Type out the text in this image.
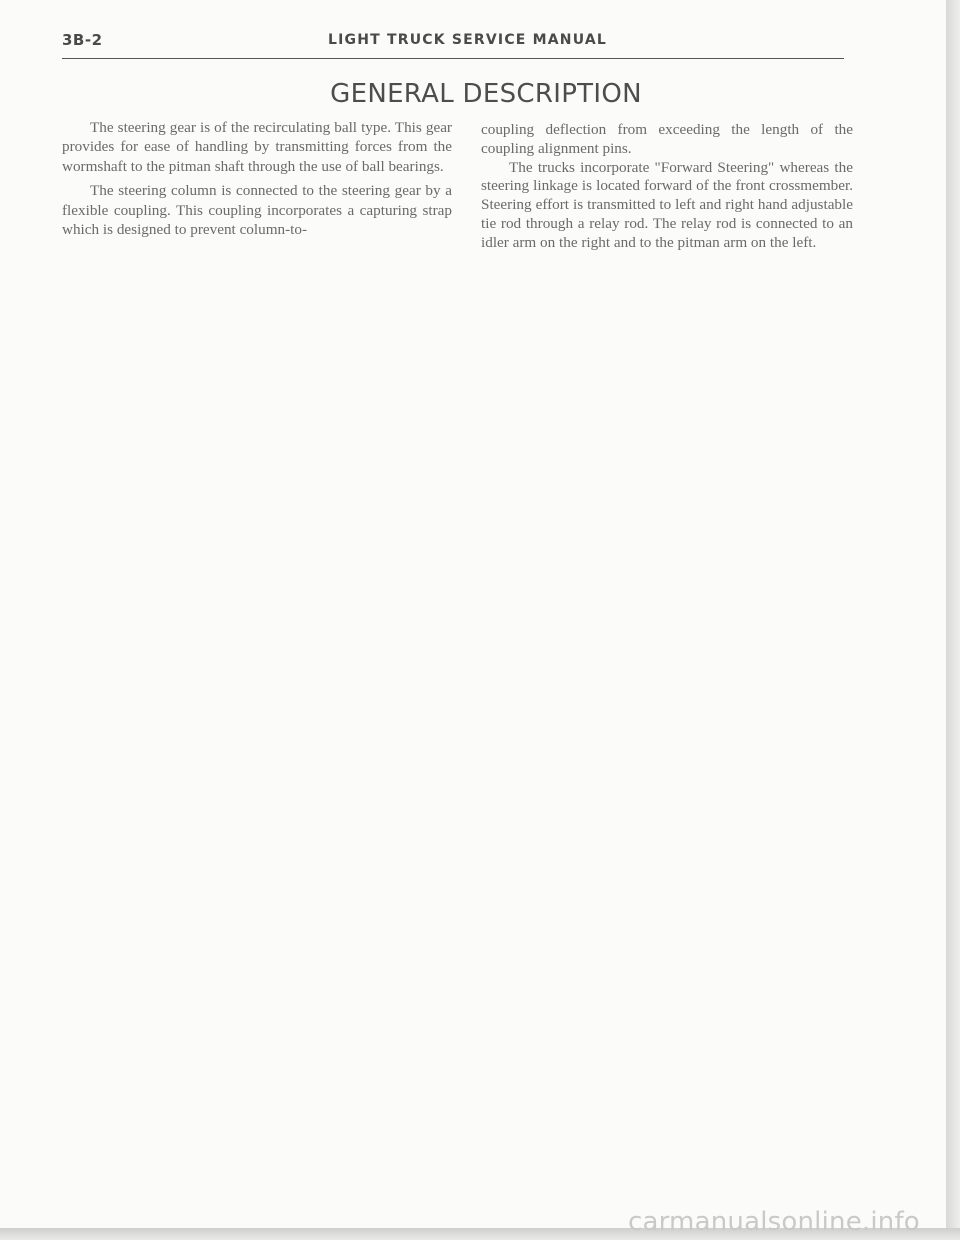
3B-2	LIGHT TRUCK SERVICE MANUAL
GENERAL DESCRIPTION

The steering gear is of the recirculating ball type. This gear provides for ease of handling by transmitting forces from the wormshaft to the pitman shaft through the use of ball bearings.

The steering column is connected to the steering gear by a flexible coupling. This coupling incorporates a capturing strap which is designed to prevent column-to-

coupling deflection from exceeding the length of the coupling alignment pins.

The trucks incorporate "Forward Steering" whereas the steering linkage is located forward of the front crossmember. Steering effort is transmitted to left and right hand adjustable tie rod through a relay rod. The relay rod is connected to an idler arm on the right and to the pitman arm on the left.

carmanualsonline.info
